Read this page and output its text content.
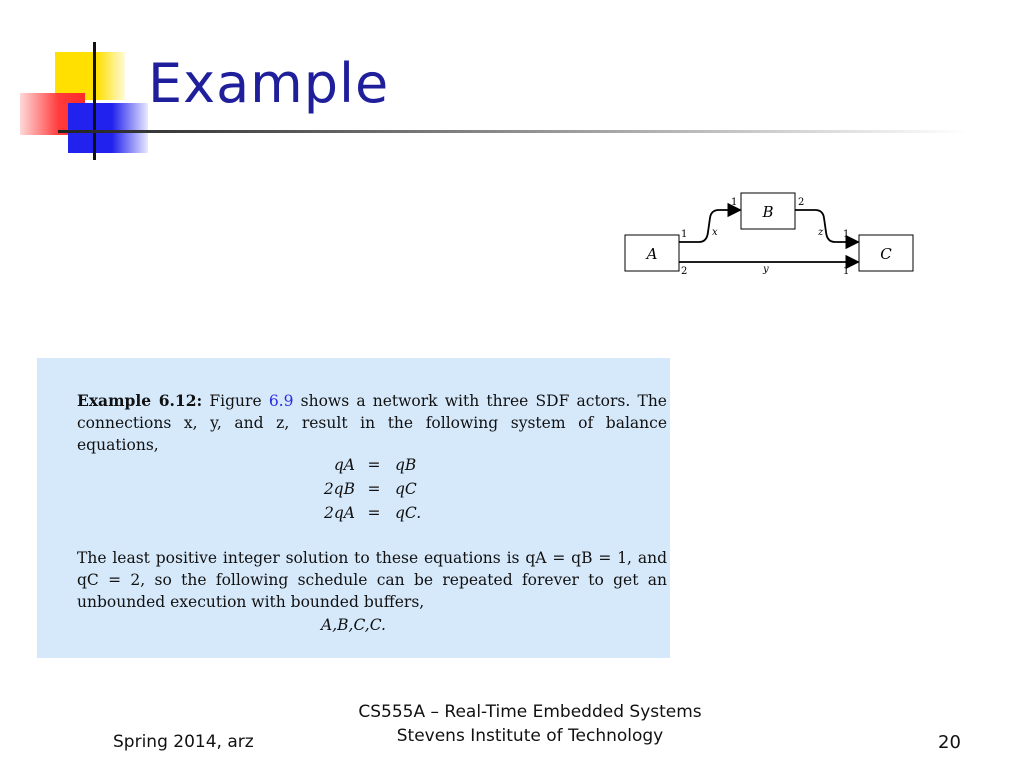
Example
A
B
C
1
1
x
2
1
z
2	1
y
Example 6.12: Figure 6.9 shows a network with three SDF actors. The connections x, y, and z, result in the following system of balance equations,
qA = qB
2qB = qC
2qA = qC.
The least positive integer solution to these equations is qA = qB = 1, and qC = 2, so the following schedule can be repeated forever to get an unbounded execution with bounded buffers,
A,B,C,C.
Spring 2014, arz
CS555A – Real-Time Embedded Systems
Stevens Institute of Technology	20
